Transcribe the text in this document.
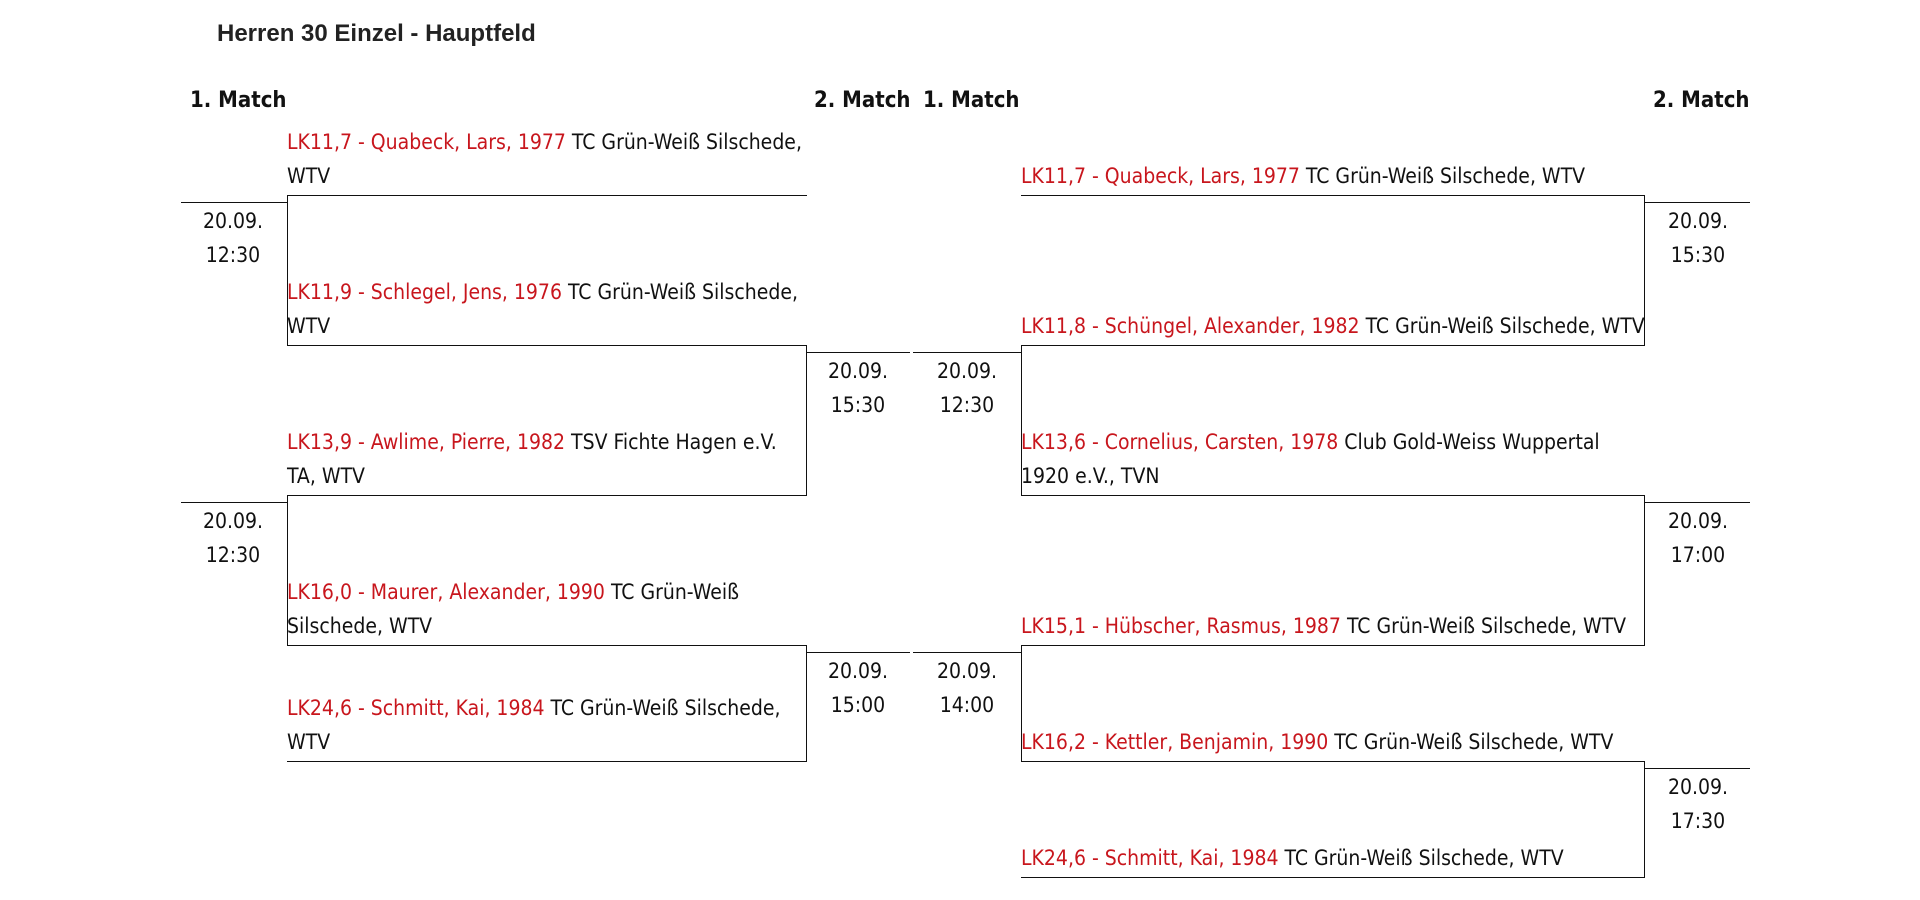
Herren 30 Einzel - Hauptfeld
1. Match	2. Match 1. Match	2. Match
LK11,7 - Quabeck, Lars, 1977 TC Grün-Weiß Silschede, WTV
LK11,9 - Schlegel, Jens, 1976 TC Grün-Weiß Silschede, WTV
LK13,9 - Awlime, Pierre, 1982 TSV Fichte Hagen e.V. TA, WTV
LK16,0 - Maurer, Alexander, 1990 TC Grün-Weiß Silschede, WTV
LK24,6 - Schmitt, Kai, 1984 TC Grün-Weiß Silschede, WTV
20.09.
12:30
20.09.
12:30
20.09.
15:30
20.09.
15:00
LK11,7 - Quabeck, Lars, 1977 TC Grün-Weiß Silschede, WTV
LK11,8 - Schüngel, Alexander, 1982 TC Grün-Weiß Silschede, WTV
LK13,6 - Cornelius, Carsten, 1978 Club Gold-Weiss Wuppertal 1920 e.V., TVN
LK15,1 - Hübscher, Rasmus, 1987 TC Grün-Weiß Silschede, WTV
LK16,2 - Kettler, Benjamin, 1990 TC Grün-Weiß Silschede, WTV
LK24,6 - Schmitt, Kai, 1984 TC Grün-Weiß Silschede, WTV
20.09.
12:30
20.09.
14:00
20.09.
15:30
20.09.
17:00
20.09.
17:30
